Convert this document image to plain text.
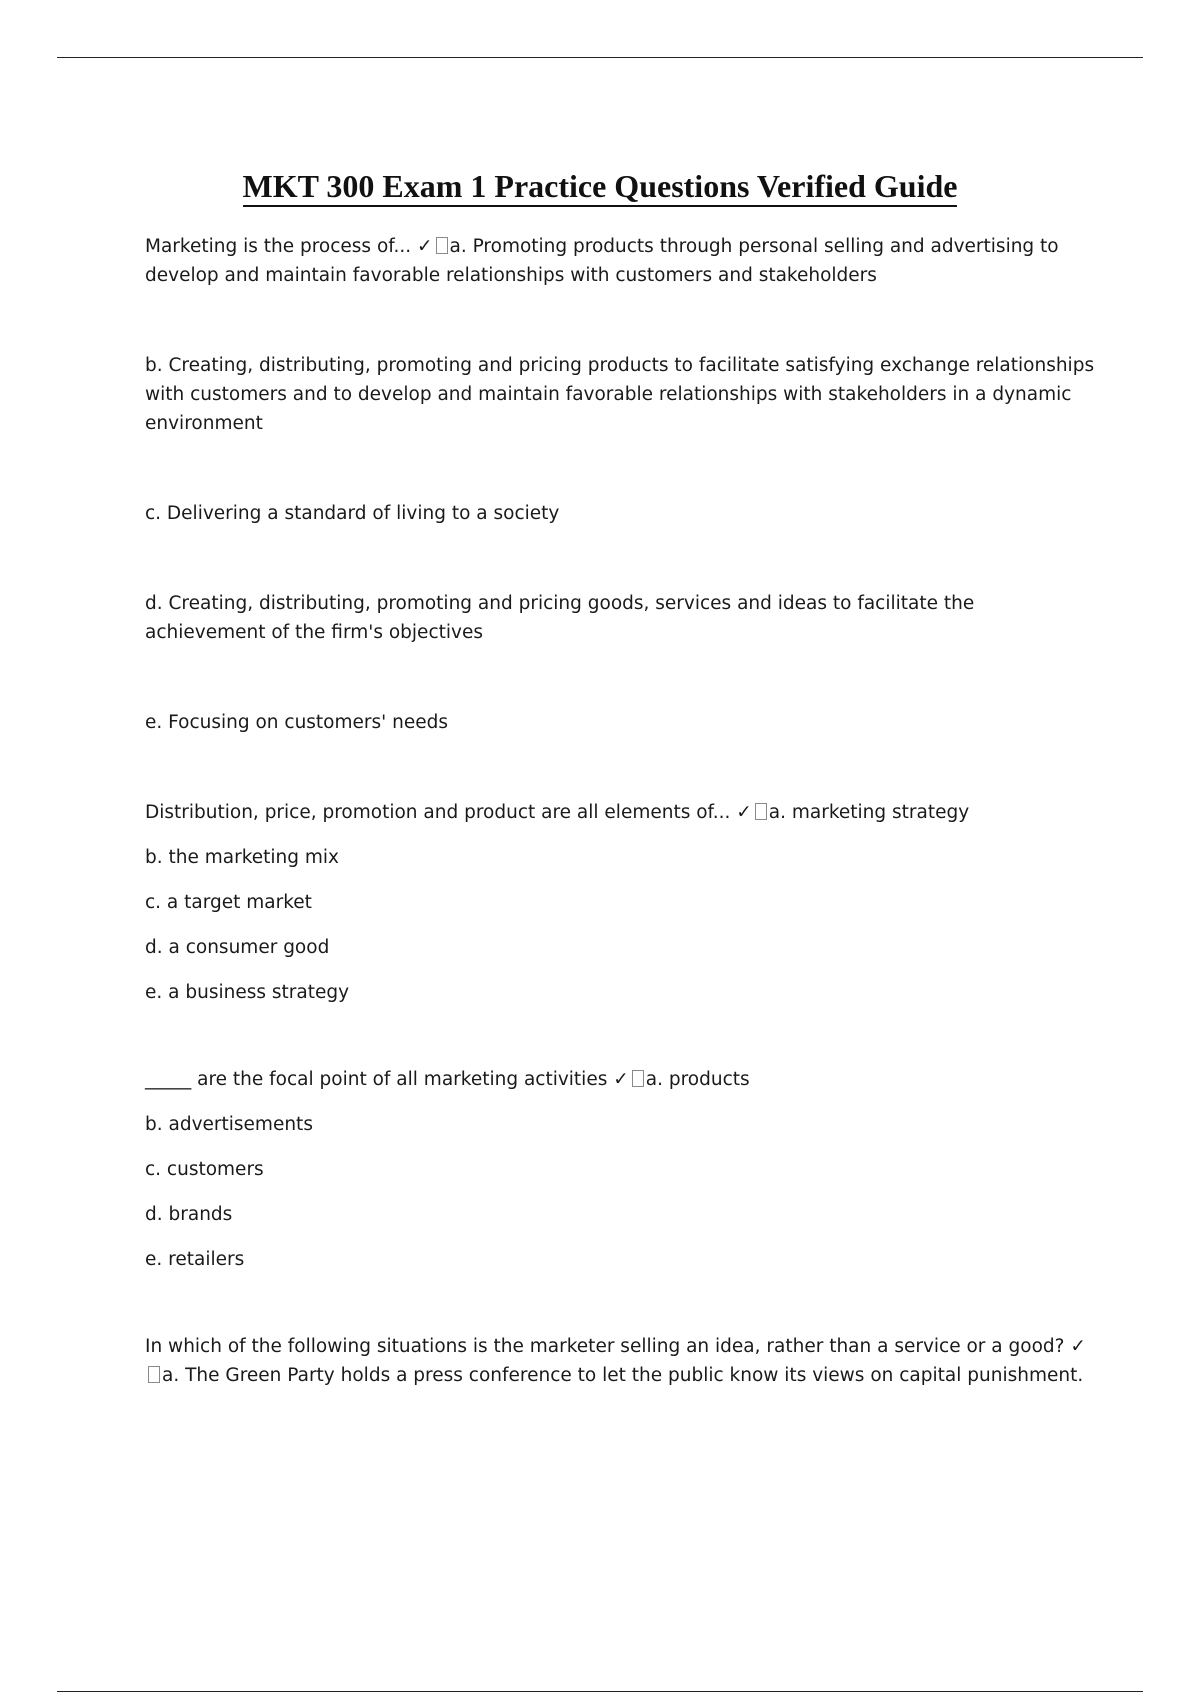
MKT 300 Exam 1 Practice Questions Verified Guide

Marketing is the process of... ✓ a. Promoting products through personal selling and advertising to develop and maintain favorable relationships with customers and stakeholders

b. Creating, distributing, promoting and pricing products to facilitate satisfying exchange relationships with customers and to develop and maintain favorable relationships with stakeholders in a dynamic environment

c. Delivering a standard of living to a society

d. Creating, distributing, promoting and pricing goods, services and ideas to facilitate the achievement of the firm's objectives

e. Focusing on customers' needs

Distribution, price, promotion and product are all elements of... ✓ a. marketing strategy

b. the marketing mix

c. a target market

d. a consumer good

e. a business strategy

_____ are the focal point of all marketing activities ✓ a. products

b. advertisements

c. customers

d. brands

e. retailers

In which of the following situations is the marketer selling an idea, rather than a service or a good? ✓a. The Green Party holds a press conference to let the public know its views on capital punishment.
